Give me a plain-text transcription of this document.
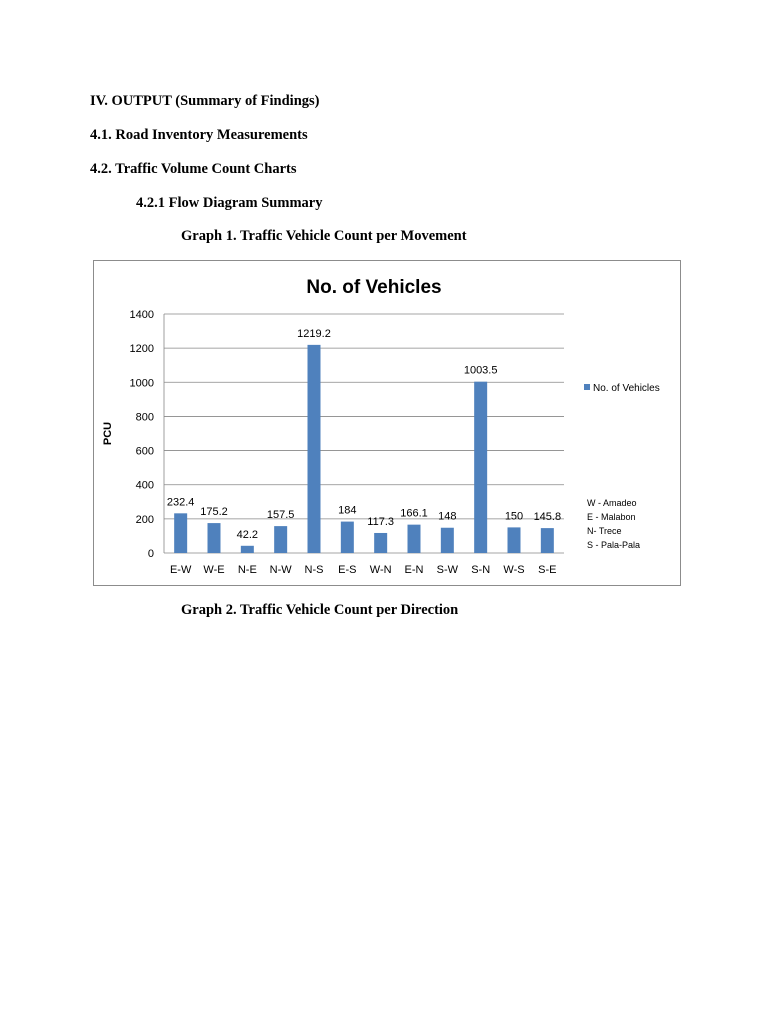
IV. OUTPUT (Summary of Findings)
4.1. Road Inventory Measurements
4.2. Traffic Volume Count Charts
4.2.1 Flow Diagram Summary
Graph 1. Traffic Vehicle Count per Movement
No. of Vehicles
PCU
0
200
400
600
800
1000
1200
1400
232.4
175.2
42.2
157.5
1219.2
184
117.3
166.1 148
1003.5
150 145.8
E-W W-E N-E N-W N-S E-S W-N E-N S-W S-N W-S S-E
No. of Vehicles
W - Amadeo
E - Malabon
N- Trece
S - Pala-Pala
Graph 2. Traffic Vehicle Count per Direction
